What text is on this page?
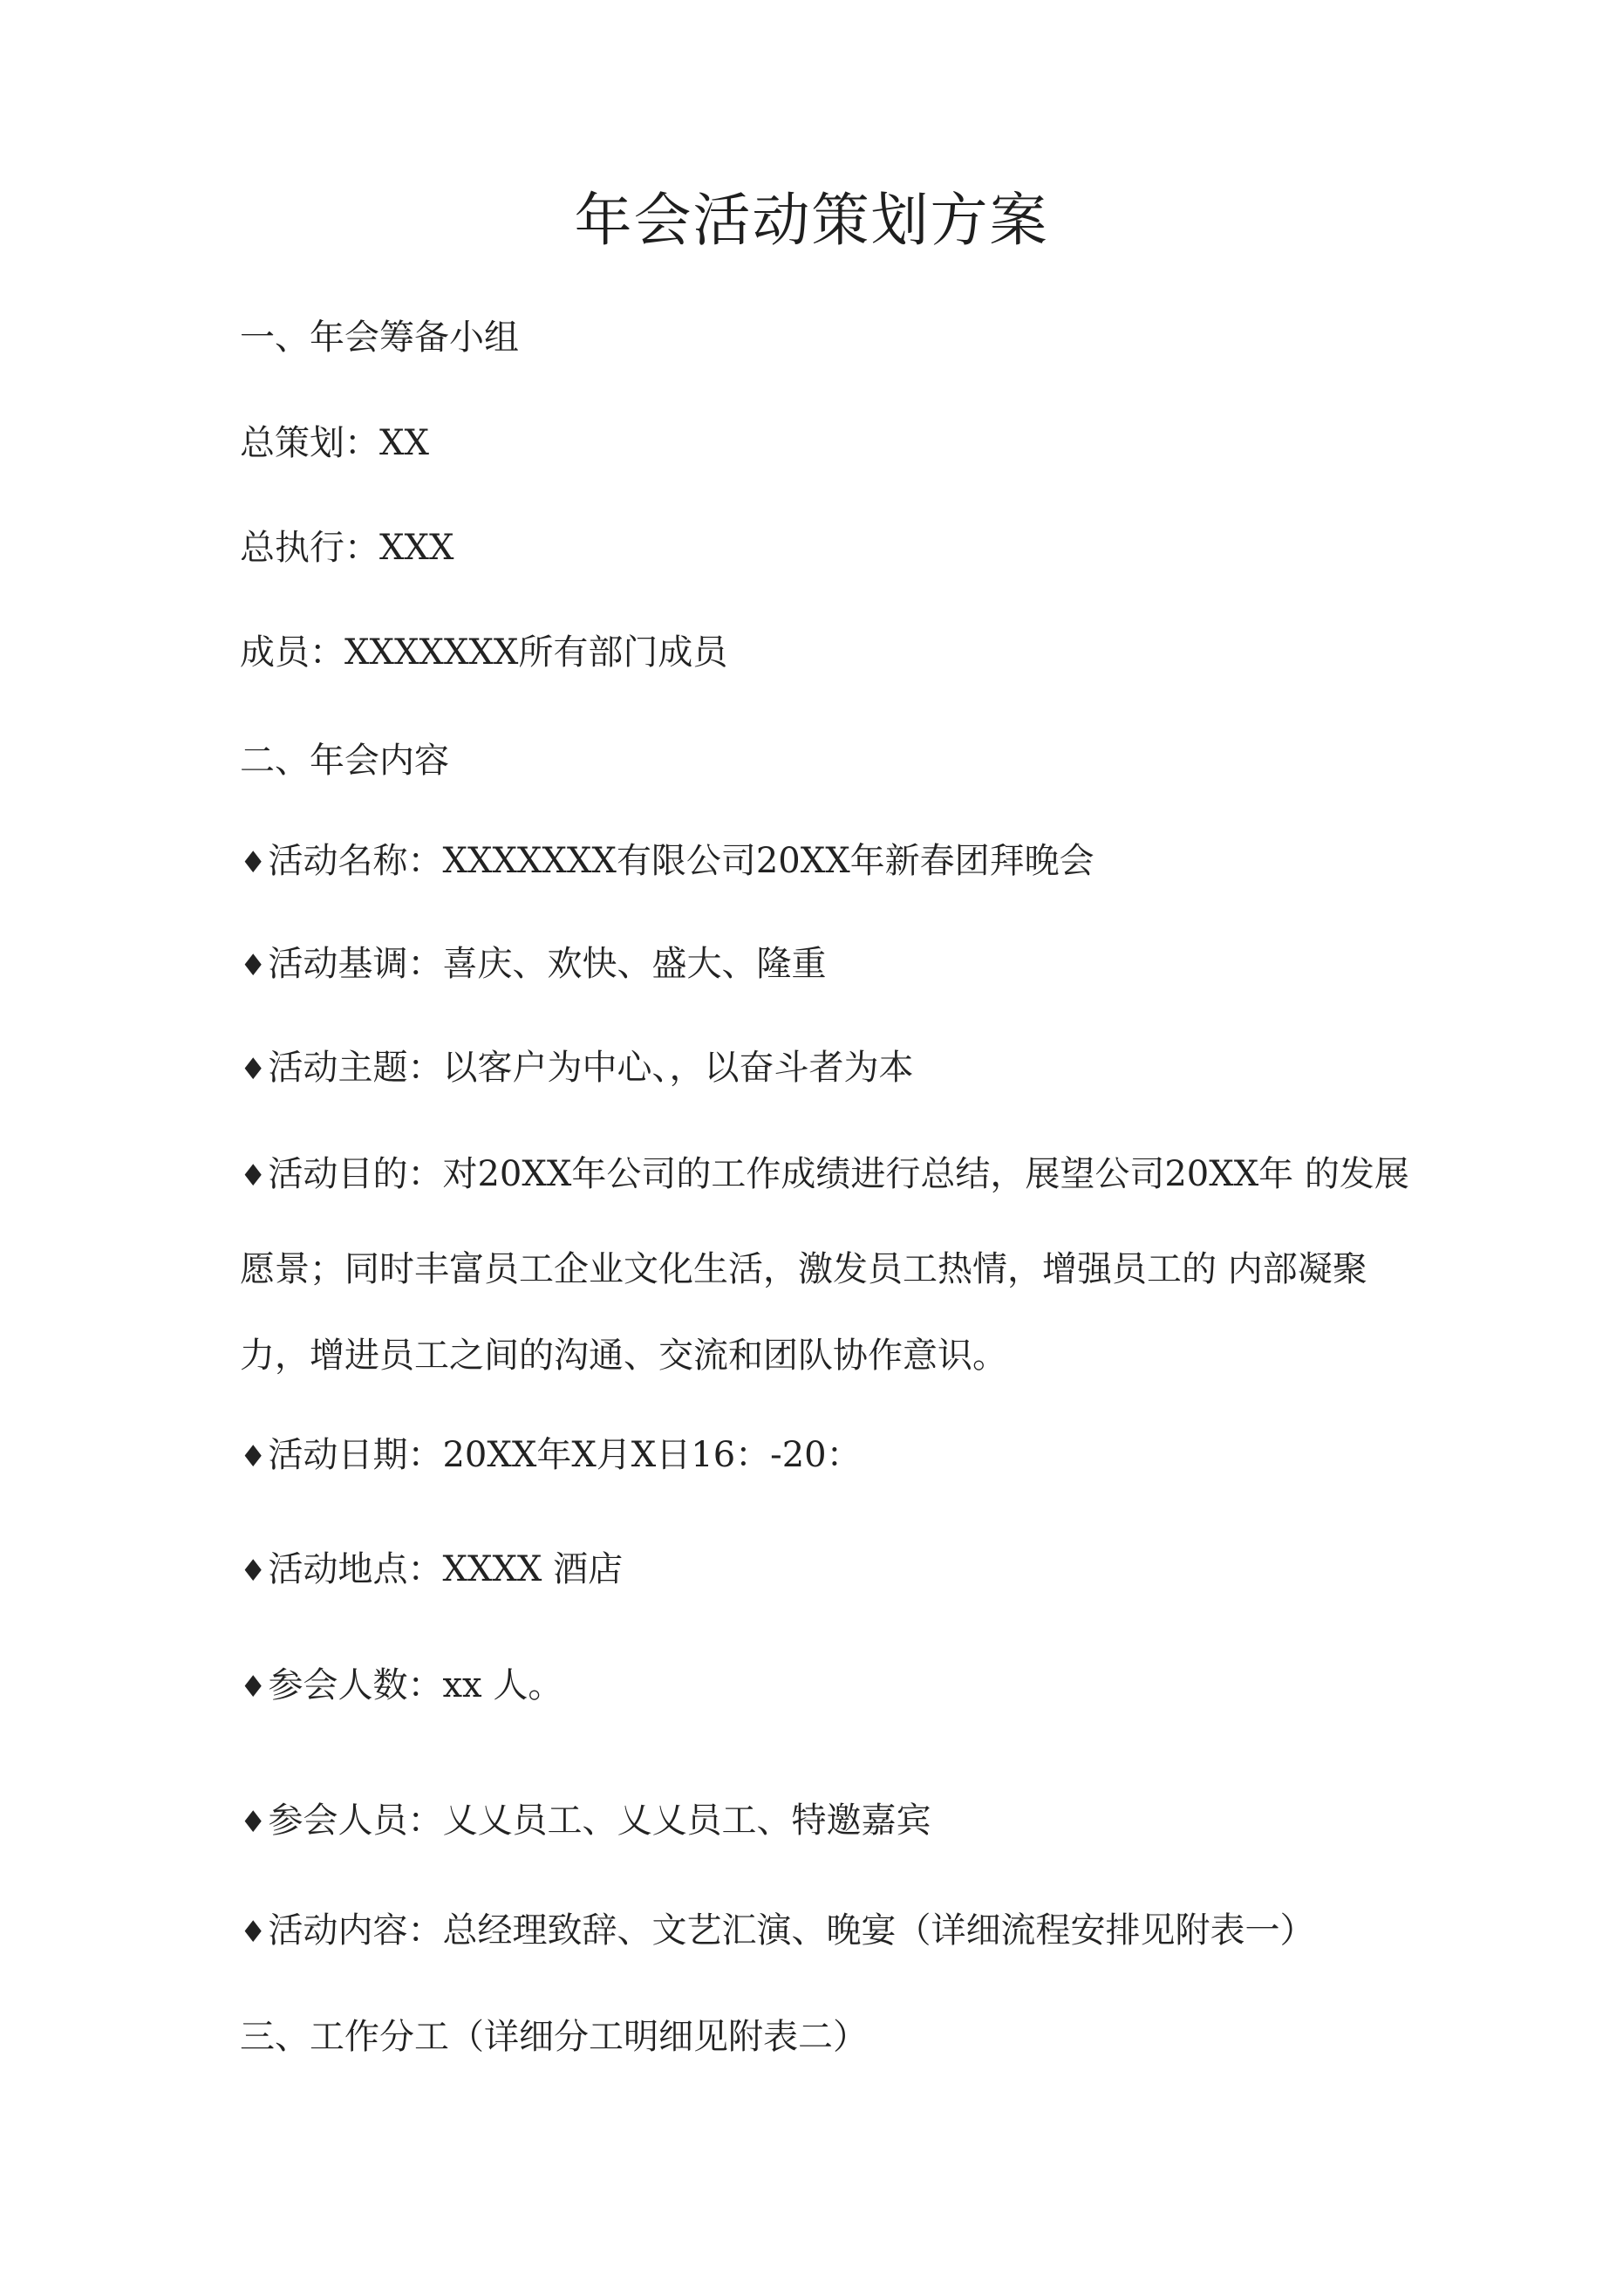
年会活动策划方案
一、年会筹备小组
总策划：XX
总执行：XXX
成员：XXXXXXX所有部门成员
二、年会内容
♦活动名称：XXXXXXX有限公司20XX年新春团拜晚会
♦活动基调：喜庆、欢快、盛大、隆重
♦活动主题：以客户为中心、，以奋斗者为本
♦活动目的：对20XX年公司的工作成绩进行总结，展望公司20XX年 的发展
愿景；同时丰富员工企业文化生活，激发员工热情，增强员工的 内部凝聚
力，增进员工之间的沟通、交流和团队协作意识。
♦活动日期：20XX年X月X日16：-20：
♦活动地点：XXXX 酒店
♦参会人数：xx 人。
♦参会人员：乂乂员工、乂乂员工、特邀嘉宾
♦活动内容：总经理致辞、文艺汇演、晚宴（详细流程安排见附表一）
三、工作分工（详细分工明细见附表二）
